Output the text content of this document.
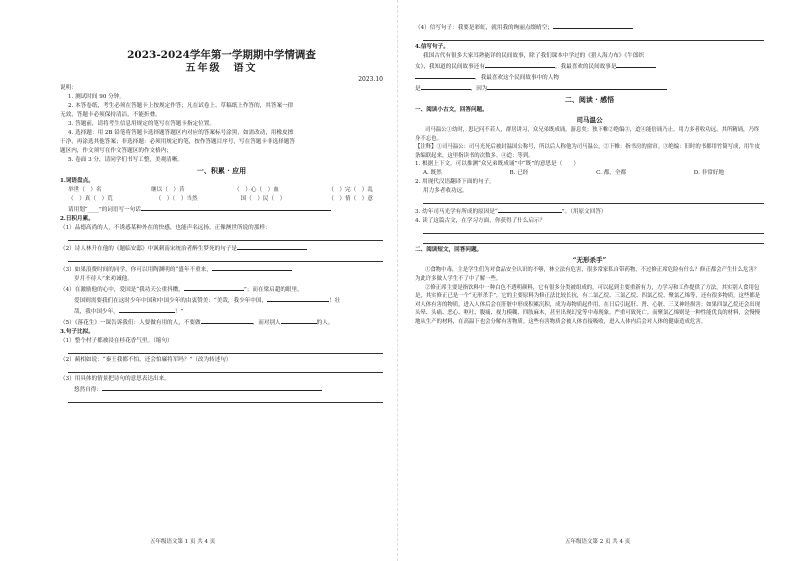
2023-2024学年第一学期期中学情调查
五年级　语文
2023.10
说明：
1. 测试时间 90 分钟。
2. 本答卷纸，考生必须在答题卡上按规定作答；凡在试卷上、草稿纸上作答的，其答案一律
无效，答题卡必须保持清洁，不能折叠。
3. 答题前，请将考生信息用规定的笔写在答题卡指定位置。
4. 选择题：用 2B 铅笔将答题卡选择题答题区内对应的答案标号涂黑，如需改动，用橡皮擦
干净，再涂选其他答案；非选择题：必须用规定的笔，按作答题目序号，写在答题卡非选择题答
题区内，作文须写在作文答题区的作文格内；
5. 卷面 3 分，请同学们书写工整，美观清晰。
一、积累 · 应用
1.词语盘点。
举世（　）名	继以（　）昔	（　）心（　）血	（　）完（　）乱
（　）真（　）荒	（　）（　）当然	国（　）民（　）	（　）情（　）意
请用划“____”的词语写一句话
2.日积月累。
（1）品德高尚的人，不诱惑某种外在的快感，也能声名远扬。正像澳世所说的那样：
（2）诗人林升在他的《题临安邸》中讽刺南宋统治者醉生梦死的句子是
（3）如果浪费时间的同学，你可以用陶渊明的“盛年不重来，
岁月不待人”来劝诫他。
（4）在激励他的心中，爱国是“我功天公重抖擞，	”；而在梁启超的眼里，
爱国则需要我们在这时少年中国和中国少年的由衷赞美：“美哉，我少年中国，	！壮
哉，我中国少年，	！”
（5）《落花生》一课告诉我们：人要做有用的人，不要做	，而对别人	的人。
3.句子比拟。
（1）整个村子都被浸在桂花香气里。（缩句）
（2）蔺相如说：“秦王我都不怕，还会怕廉将军吗？”（改为转述句）
（3）用具体的情景把诗句的意思表达出来。
悠然自得：
五年级语文第 1 页 共 4 页
（4）信写句子：我要是彩虹，就用我的绚丽点缀晴空；
4.信写句子。
我国古代有很多大家耳熟能详的民间故事，除了我们课本中学过的《猎人海力布》《牛郎织
女》，我知道的民间故事还有	。我最喜欢的民间故事是
，我最喜欢这个民间故事中的人物
是	，因为
二、阅读 · 感悟
一、阅读小古文，回答问题。
司马温公
司马温公①幼时，患记问不若人，群居讲习，众兄弟既成诵，游息矣；独下帷②绝编③，迨④能倍诵乃止。用力多者收功远，其所精诵，乃终身不忘也。
【注释】①司马温公：司马光死后被封温国公称号，所以后人称他为司马温公。②下帷：指书房的窗帘。③绝编：旧时的书都用竹简写成，用牛皮条编联起来，这里指读书的次数多。④迨：等到。
1. 根据上下文，可以推测“众兄弟既成诵”中“既”的意思是（　　）
A. 既然	B. 已经	C. 都，全都	D. 非常好地
2. 用现代汉语翻译下面的句子。
用力多者收功远。
3. 幼年司马光学有所成的原因是“	”。（用原文回答）
4. 读了这篇古文，在学习方面，你获得了什么启示？
二、阅读短文，回答问题。
“无形杀手”
①食物中毒，主是学生们为对食品安全认识的不够，林立法有危害，很多常家私自带药物，不过修正席危险有什么？修正都会产生什么危害？为此许多做人学生不了中了解一些。
②修正席主要是指饮料中一种白色不透明颜料，它有很多分类被组成的，可以起到主要重新有力，力学习和工作提供了方法。其实别人食用包是，其实修正已是一个“无形杀手”，它的主要原料为修正法比较长抗，有二氯乙烷、三氯乙烷、四氯乙烷、聚氯乙烯等，还有很多物质，这些都是对人体有害的物质，进入人体后会在肝脏中形成积累沉积，成为毒物质起作用，在日后引起肝、肾、心脏、三叉神经损害；如果四氯乙烷还会出现头晕、头痛、恶心、呕吐、腹痛、视力模糊、四肢麻木，甚至出现幻觉等中毒现象，严重可致死亡。而聚氯乙烯则是一种性能优良的材料，会慢慢地从生产的材料，在高温下也会分解有害物质。这些有害物质会被人体直接吸收，进入人体内后会对人体的健康造成危害。
五年级语文第 2 页 共 4 页
